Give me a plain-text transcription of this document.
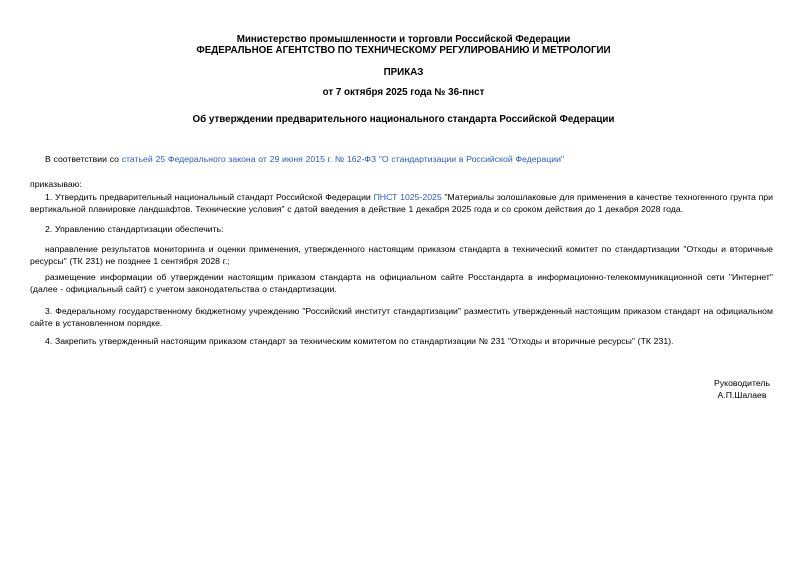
Министерство промышленности и торговли Российской Федерации
ФЕДЕРАЛЬНОЕ АГЕНТСТВО ПО ТЕХНИЧЕСКОМУ РЕГУЛИРОВАНИЮ И МЕТРОЛОГИИ
ПРИКАЗ
от 7 октября 2025 года № 36-пнст
Об утверждении предварительного национального стандарта Российской Федерации

В соответствии со статьей 25 Федерального закона от 29 июня 2015 г. № 162-ФЗ "О стандартизации в Российской Федерации"

приказываю:

1. Утвердить предварительный национальный стандарт Российской Федерации ПНСТ 1025-2025 "Материалы золошлаковые для применения в качестве техногенного грунта при вертикальной планировке ландшафтов. Технические условия" с датой введения в действие 1 декабря 2025 года и со сроком действия до 1 декабря 2028 года.

2. Управлению стандартизации обеспечить:

направление результатов мониторинга и оценки применения, утвержденного настоящим приказом стандарта в технический комитет по стандартизации "Отходы и вторичные ресурсы" (ТК 231) не позднее 1 сентября 2028 г.;

размещение информации об утверждении настоящим приказом стандарта на официальном сайте Росстандарта в информационно-телекоммуникационной сети "Интернет" (далее - официальный сайт) с учетом законодательства о стандартизации.

3. Федеральному государственному бюджетному учреждению "Российский институт стандартизации" разместить утвержденный настоящим приказом стандарт на официальном сайте в установленном порядке.

4. Закрепить утвержденный настоящим приказом стандарт за техническим комитетом по стандартизации № 231 "Отходы и вторичные ресурсы" (ТК 231).

Руководитель
А.П.Шалаев
